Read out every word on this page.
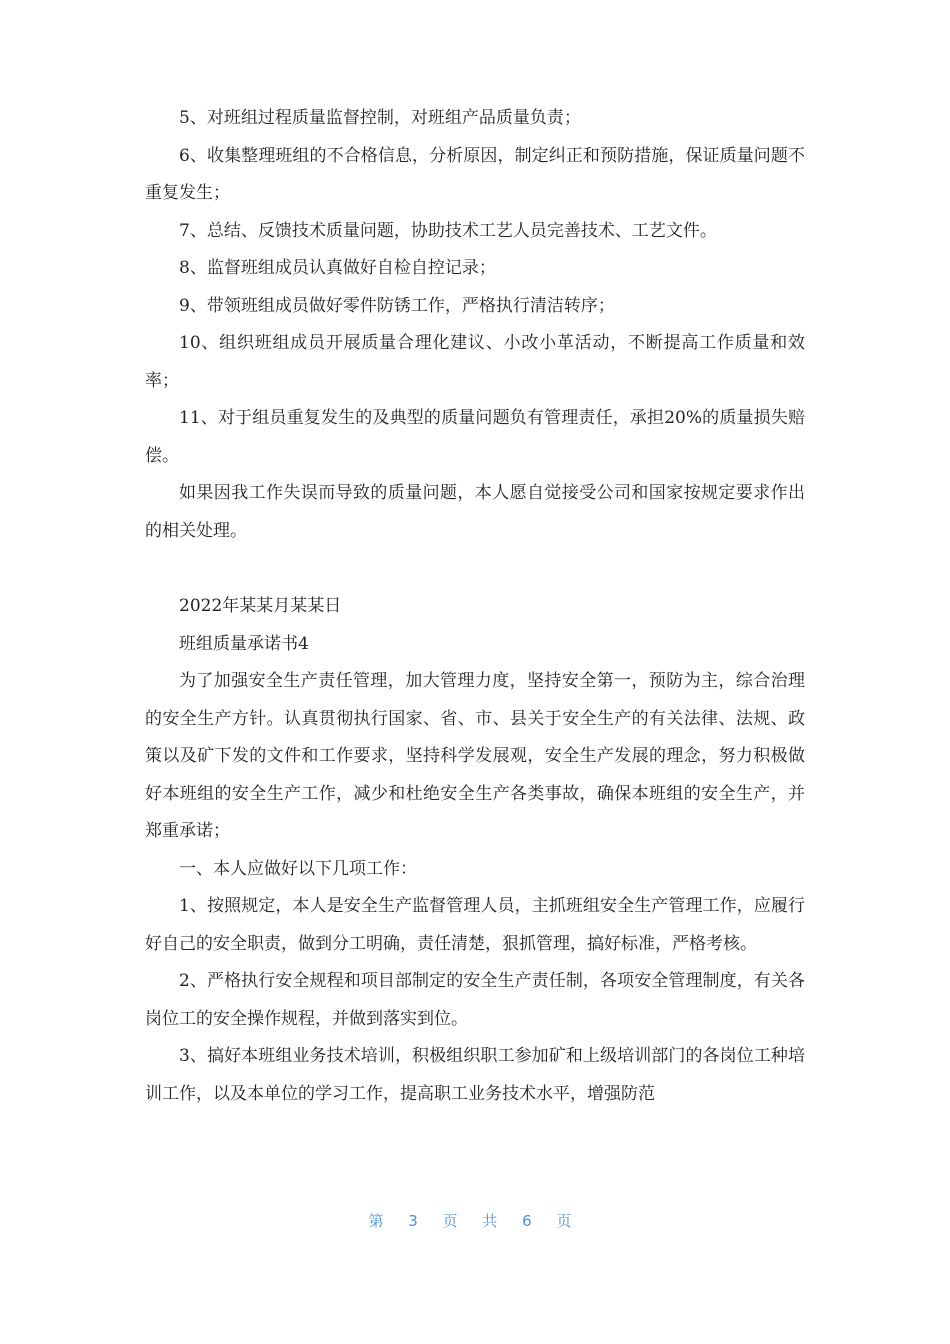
5、对班组过程质量监督控制，对班组产品质量负责；

6、收集整理班组的不合格信息，分析原因，制定纠正和预防措施，保证质量问题不重复发生；

7、总结、反馈技术质量问题，协助技术工艺人员完善技术、工艺文件。

8、监督班组成员认真做好自检自控记录；

9、带领班组成员做好零件防锈工作，严格执行清洁转序；

10、组织班组成员开展质量合理化建议、小改小革活动，不断提高工作质量和效率；

11、对于组员重复发生的及典型的质量问题负有管理责任，承担20%的质量损失赔偿。

如果因我工作失误而导致的质量问题，本人愿自觉接受公司和国家按规定要求作出的相关处理。

2022年某某月某某日

班组质量承诺书4

为了加强安全生产责任管理，加大管理力度，坚持安全第一，预防为主，综合治理的安全生产方针。认真贯彻执行国家、省、市、县关于安全生产的有关法律、法规、政策以及矿下发的文件和工作要求，坚持科学发展观，安全生产发展的理念，努力积极做好本班组的安全生产工作，减少和杜绝安全生产各类事故，确保本班组的安全生产，并郑重承诺；

一、本人应做好以下几项工作：

1、按照规定，本人是安全生产监督管理人员，主抓班组安全生产管理工作，应履行好自己的安全职责，做到分工明确，责任清楚，狠抓管理，搞好标准，严格考核。

2、严格执行安全规程和项目部制定的安全生产责任制，各项安全管理制度，有关各岗位工的安全操作规程，并做到落实到位。

3、搞好本班组业务技术培训，积极组织职工参加矿和上级培训部门的各岗位工种培训工作，以及本单位的学习工作，提高职工业务技术水平，增强防范

第 3 页 共 6 页
